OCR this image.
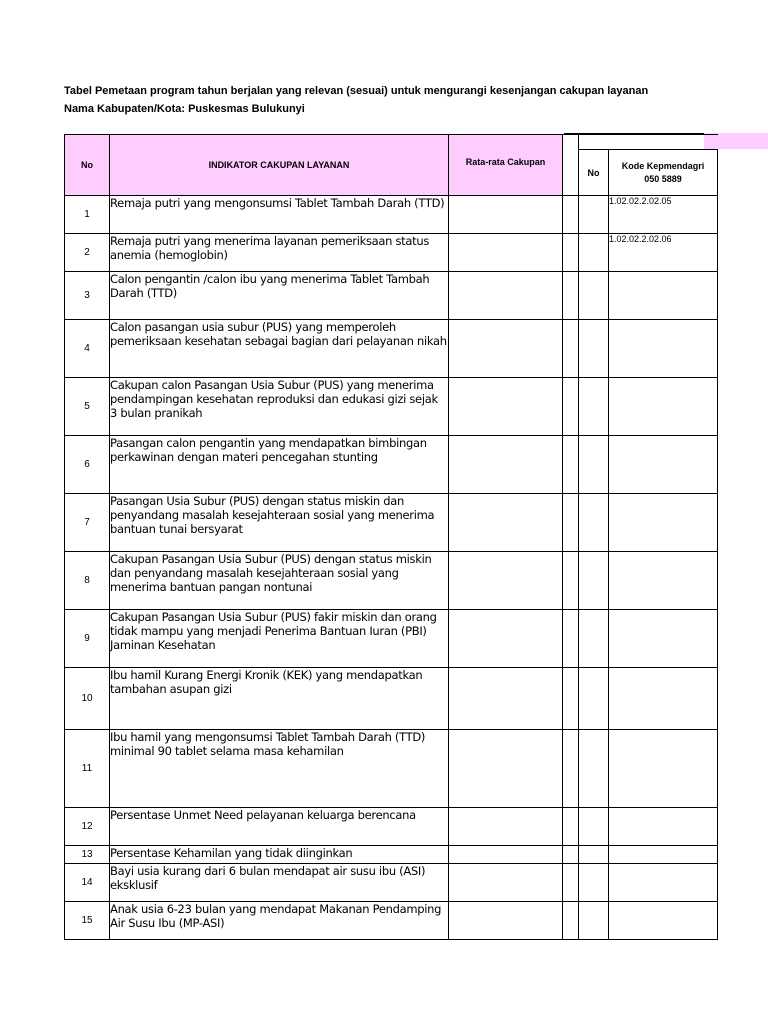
Tabel Pemetaan program tahun berjalan yang relevan (sesuai) untuk mengurangi kesenjangan cakupan layanan
Nama Kabupaten/Kota: Puskesmas Bulukunyi
No	INDIKATOR CAKUPAN LAYANAN	Rata-rata Cakupan			
				No	Kode Kepmendagri
050 5889

1	Remaja putri yang mengonsumsi Tablet Tambah Darah (TTD)				1.02.02.2.02.05
2	Remaja putri yang menerima layanan pemeriksaan status anemia (hemoglobin)				1.02.02.2.02.06
3	Calon pengantin /calon ibu yang menerima Tablet Tambah Darah (TTD)				
4	Calon pasangan usia subur (PUS) yang memperoleh pemeriksaan kesehatan sebagai bagian dari pelayanan nikah				
5	Cakupan calon Pasangan Usia Subur (PUS) yang menerima pendampingan kesehatan reproduksi dan edukasi gizi sejak 3 bulan pranikah				
6	Pasangan calon pengantin yang mendapatkan bimbingan perkawinan dengan materi pencegahan stunting				
7	Pasangan Usia Subur (PUS) dengan status miskin dan penyandang masalah kesejahteraan sosial yang menerima bantuan tunai bersyarat				
8	Cakupan Pasangan Usia Subur (PUS) dengan status miskin dan penyandang masalah kesejahteraan sosial yang menerima bantuan pangan nontunai				
9	Cakupan Pasangan Usia Subur (PUS) fakir miskin dan orang tidak mampu yang menjadi Penerima Bantuan Iuran (PBI) Jaminan Kesehatan				
10	Ibu hamil Kurang Energi Kronik (KEK) yang mendapatkan tambahan asupan gizi				
11	Ibu hamil yang mengonsumsi Tablet Tambah Darah (TTD) minimal 90 tablet selama masa kehamilan				
12	Persentase Unmet Need pelayanan keluarga berencana				
13	Persentase Kehamilan yang tidak diinginkan				
14	Bayi usia kurang dari 6 bulan mendapat air susu ibu (ASI) eksklusif				
15	Anak usia 6-23 bulan yang mendapat Makanan Pendamping Air Susu Ibu (MP-ASI)				
